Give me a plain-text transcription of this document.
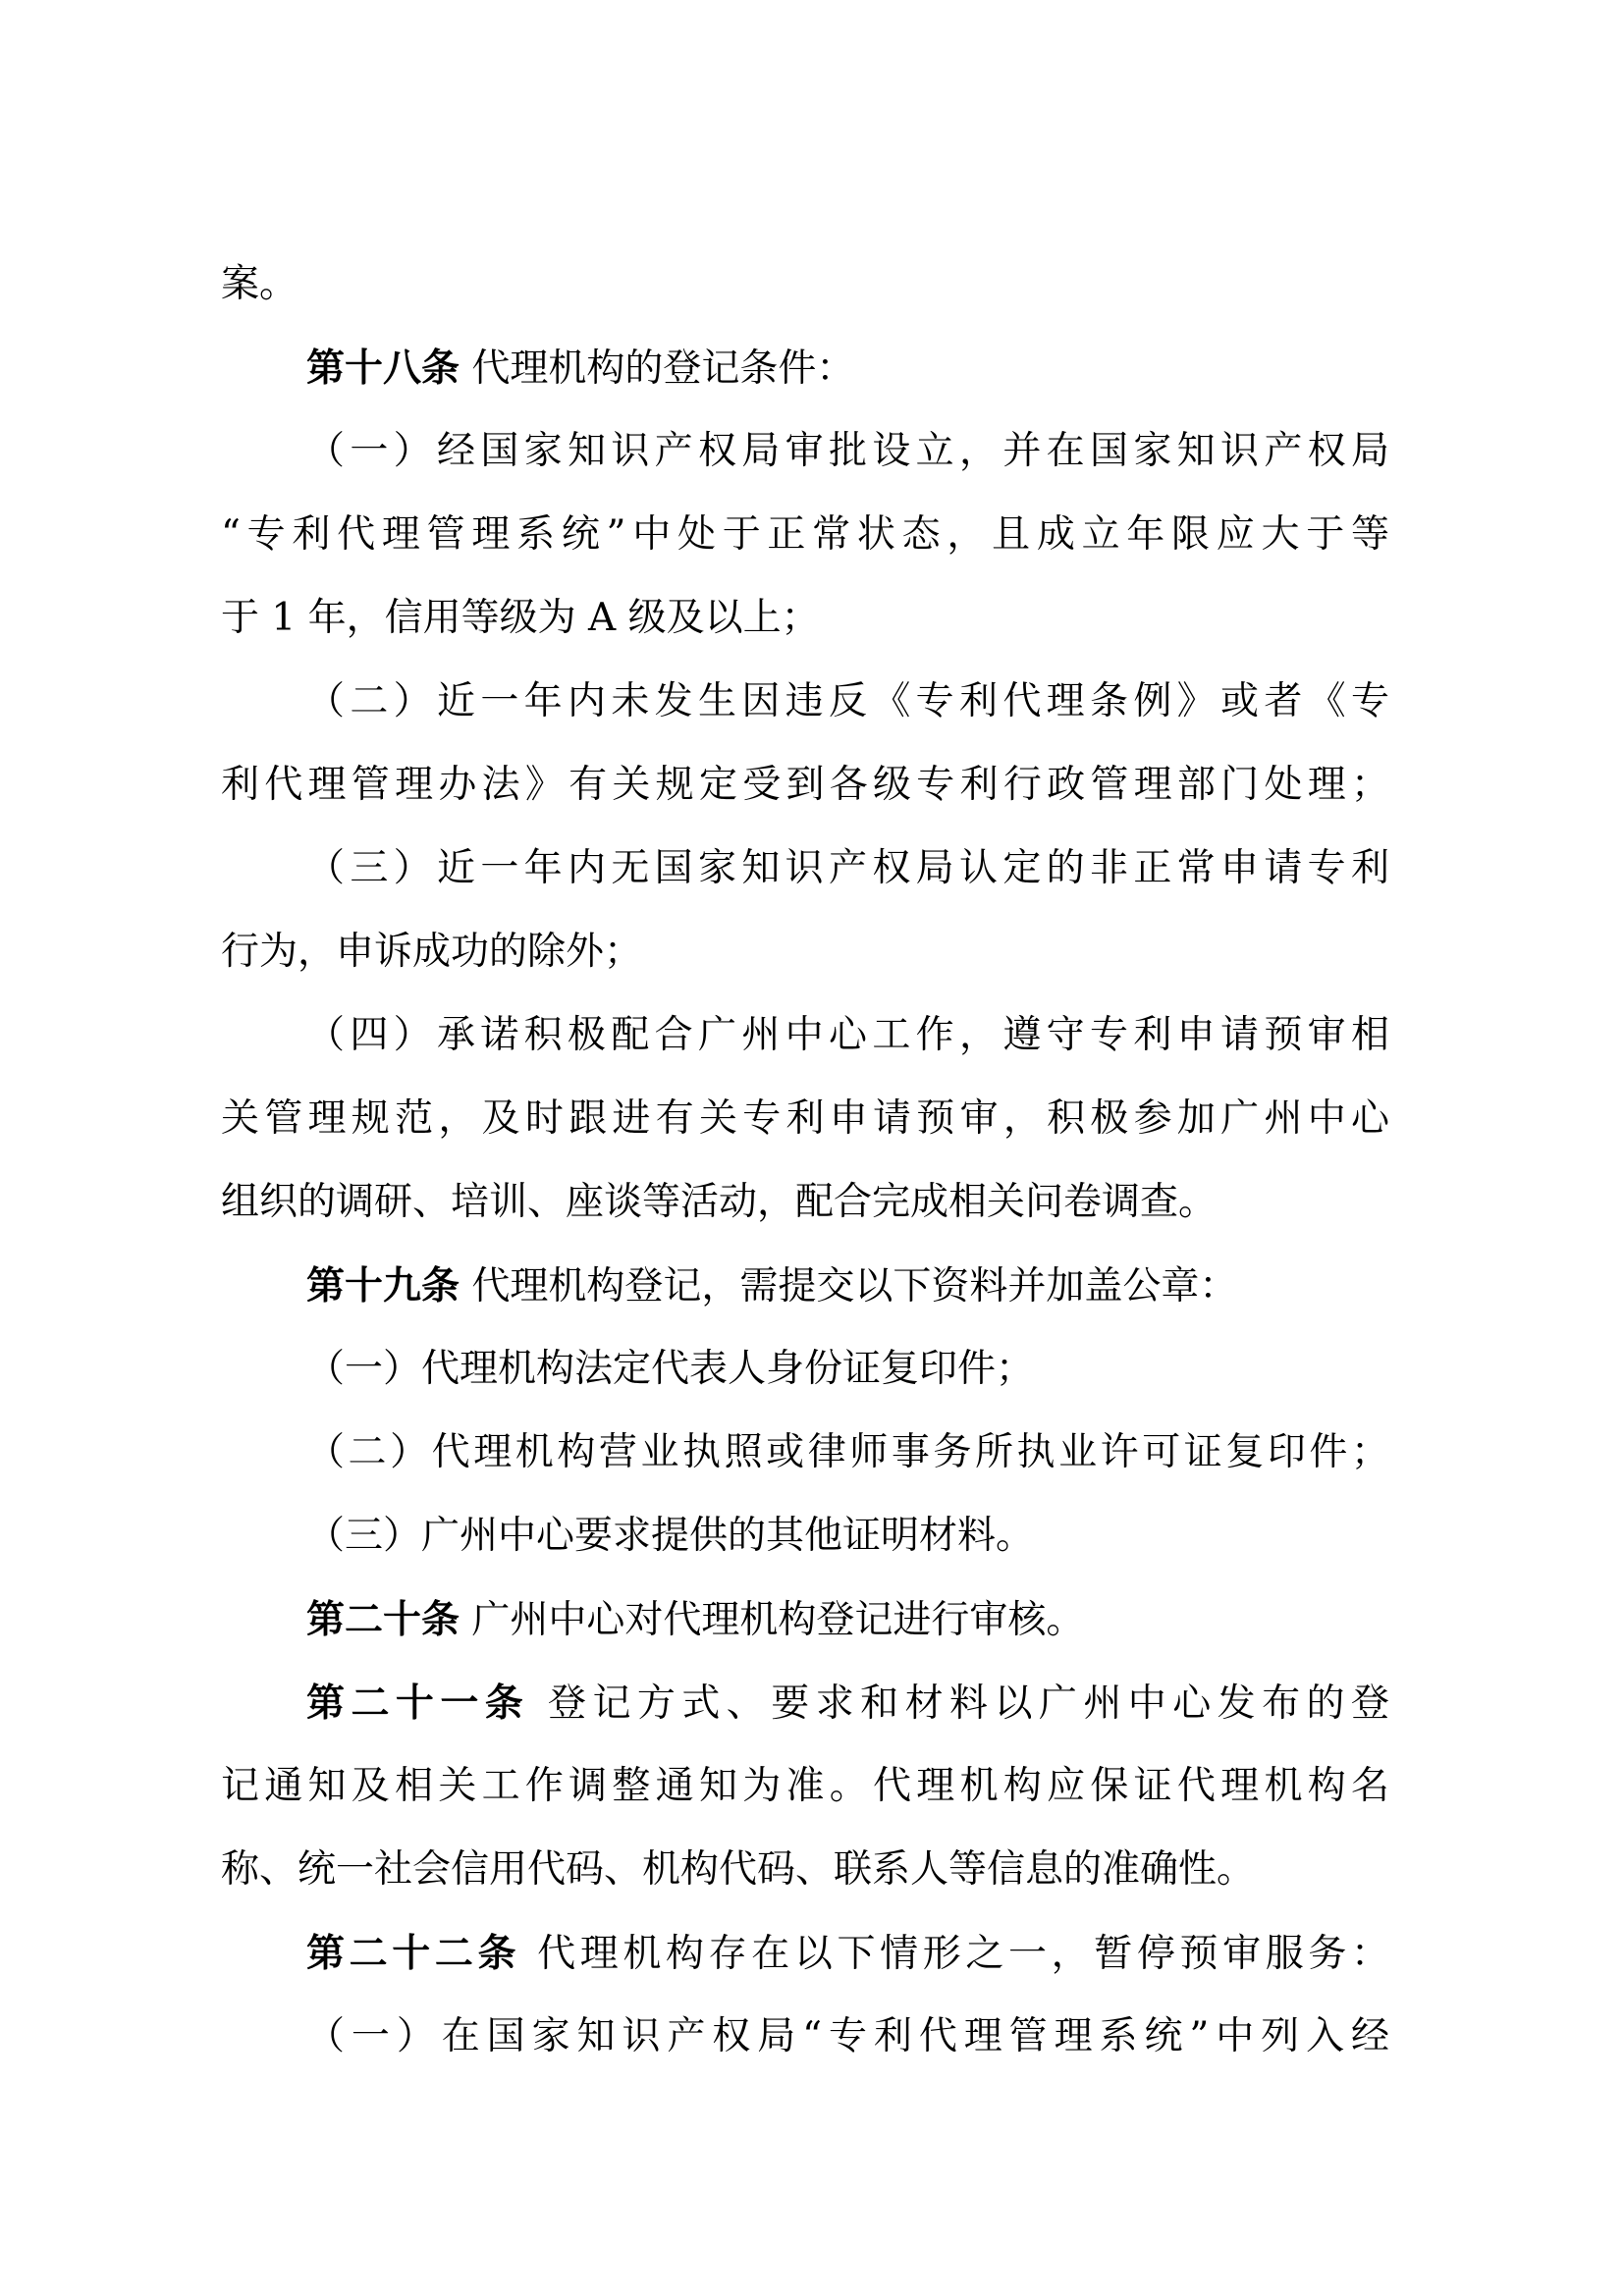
案。
第十八条 代理机构的登记条件：
（一）经国家知识产权局审批设立，并在国家知识产权局
“专利代理管理系统”中处于正常状态，且成立年限应大于等
于 1 年，信用等级为 A 级及以上；
（二）近一年内未发生因违反《专利代理条例》或者《专
利代理管理办法》有关规定受到各级专利行政管理部门处理；
（三）近一年内无国家知识产权局认定的非正常申请专利
行为，申诉成功的除外；
（四）承诺积极配合广州中心工作，遵守专利申请预审相
关管理规范，及时跟进有关专利申请预审，积极参加广州中心
组织的调研、培训、座谈等活动，配合完成相关问卷调查。
第十九条 代理机构登记，需提交以下资料并加盖公章：
（一）代理机构法定代表人身份证复印件；
（二）代理机构营业执照或律师事务所执业许可证复印件；
（三）广州中心要求提供的其他证明材料。
第二十条 广州中心对代理机构登记进行审核。
第二十一条 登记方式、要求和材料以广州中心发布的登
记通知及相关工作调整通知为准。代理机构应保证代理机构名
称、统一社会信用代码、机构代码、联系人等信息的准确性。
第二十二条 代理机构存在以下情形之一，暂停预审服务：
（一）在国家知识产权局“专利代理管理系统”中列入经
